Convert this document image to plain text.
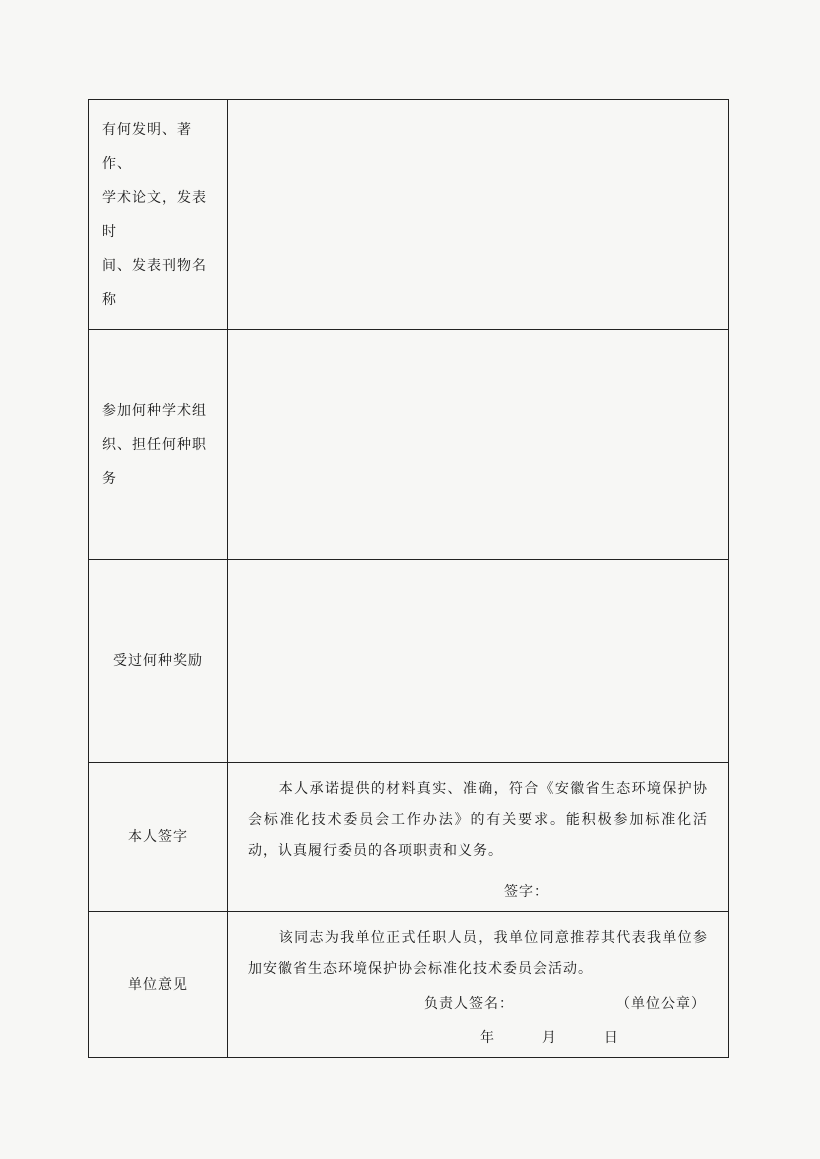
有何发明、著作、
学术论文，发表时
间、发表刊物名称	

参加何种学术组
织、担任何种职务	

受过何种奖励	

本人签字	本人承诺提供的材料真实、准确，符合《安徽省生态环境保护协会标准化技术委员会工作办法》的有关要求。能积极参加标准化活动，认真履行委员的各项职责和义务。

签字：

单位意见	该同志为我单位正式任职人员，我单位同意推荐其代表我单位参加安徽省生态环境保护协会标准化技术委员会活动。

负责人签名： （单位公章）
年 月 日
